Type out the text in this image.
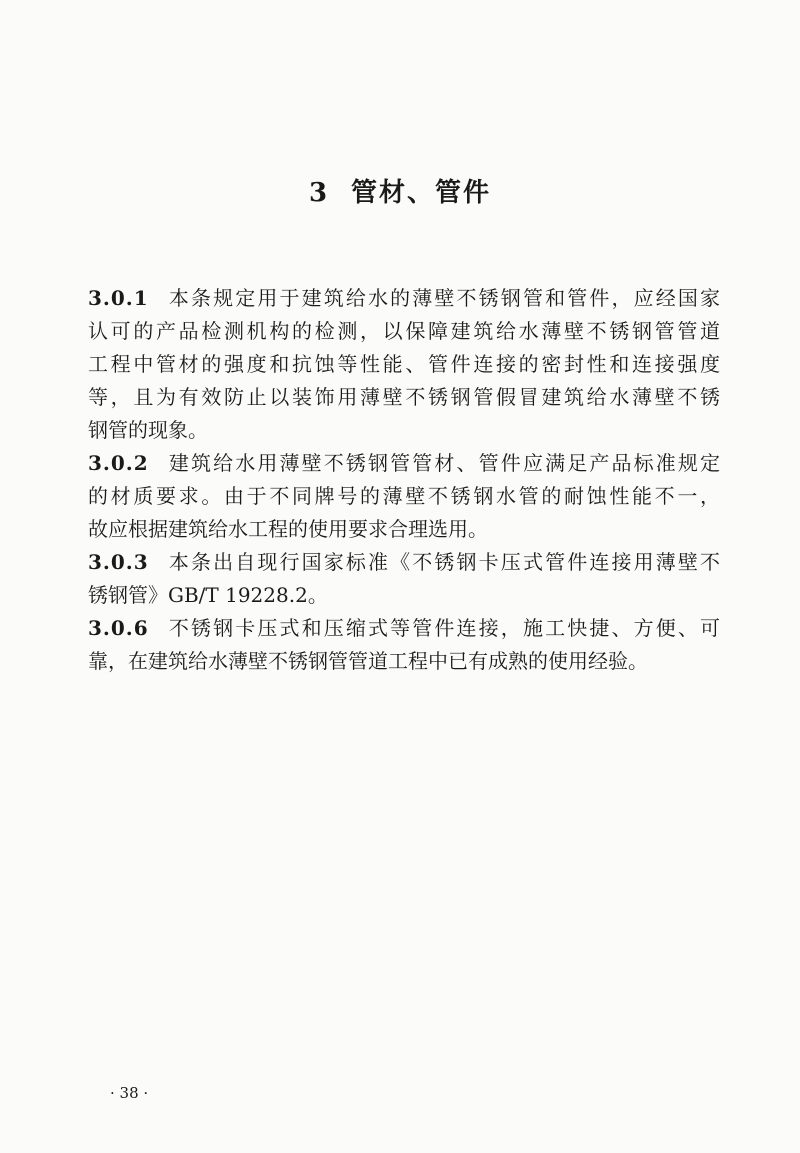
3 管材、管件
3.0.1 本条规定用于建筑给水的薄壁不锈钢管和管件，应经国家
认可的产品检测机构的检测，以保障建筑给水薄壁不锈钢管管道
工程中管材的强度和抗蚀等性能、管件连接的密封性和连接强度
等，且为有效防止以装饰用薄壁不锈钢管假冒建筑给水薄壁不锈
钢管的现象。
3.0.2 建筑给水用薄壁不锈钢管管材、管件应满足产品标准规定
的材质要求。由于不同牌号的薄壁不锈钢水管的耐蚀性能不一，
故应根据建筑给水工程的使用要求合理选用。
3.0.3 本条出自现行国家标准《不锈钢卡压式管件连接用薄壁不
锈钢管》GB/T 19228.2。
3.0.6 不锈钢卡压式和压缩式等管件连接，施工快捷、方便、可
靠，在建筑给水薄壁不锈钢管管道工程中已有成熟的使用经验。
· 38 ·
